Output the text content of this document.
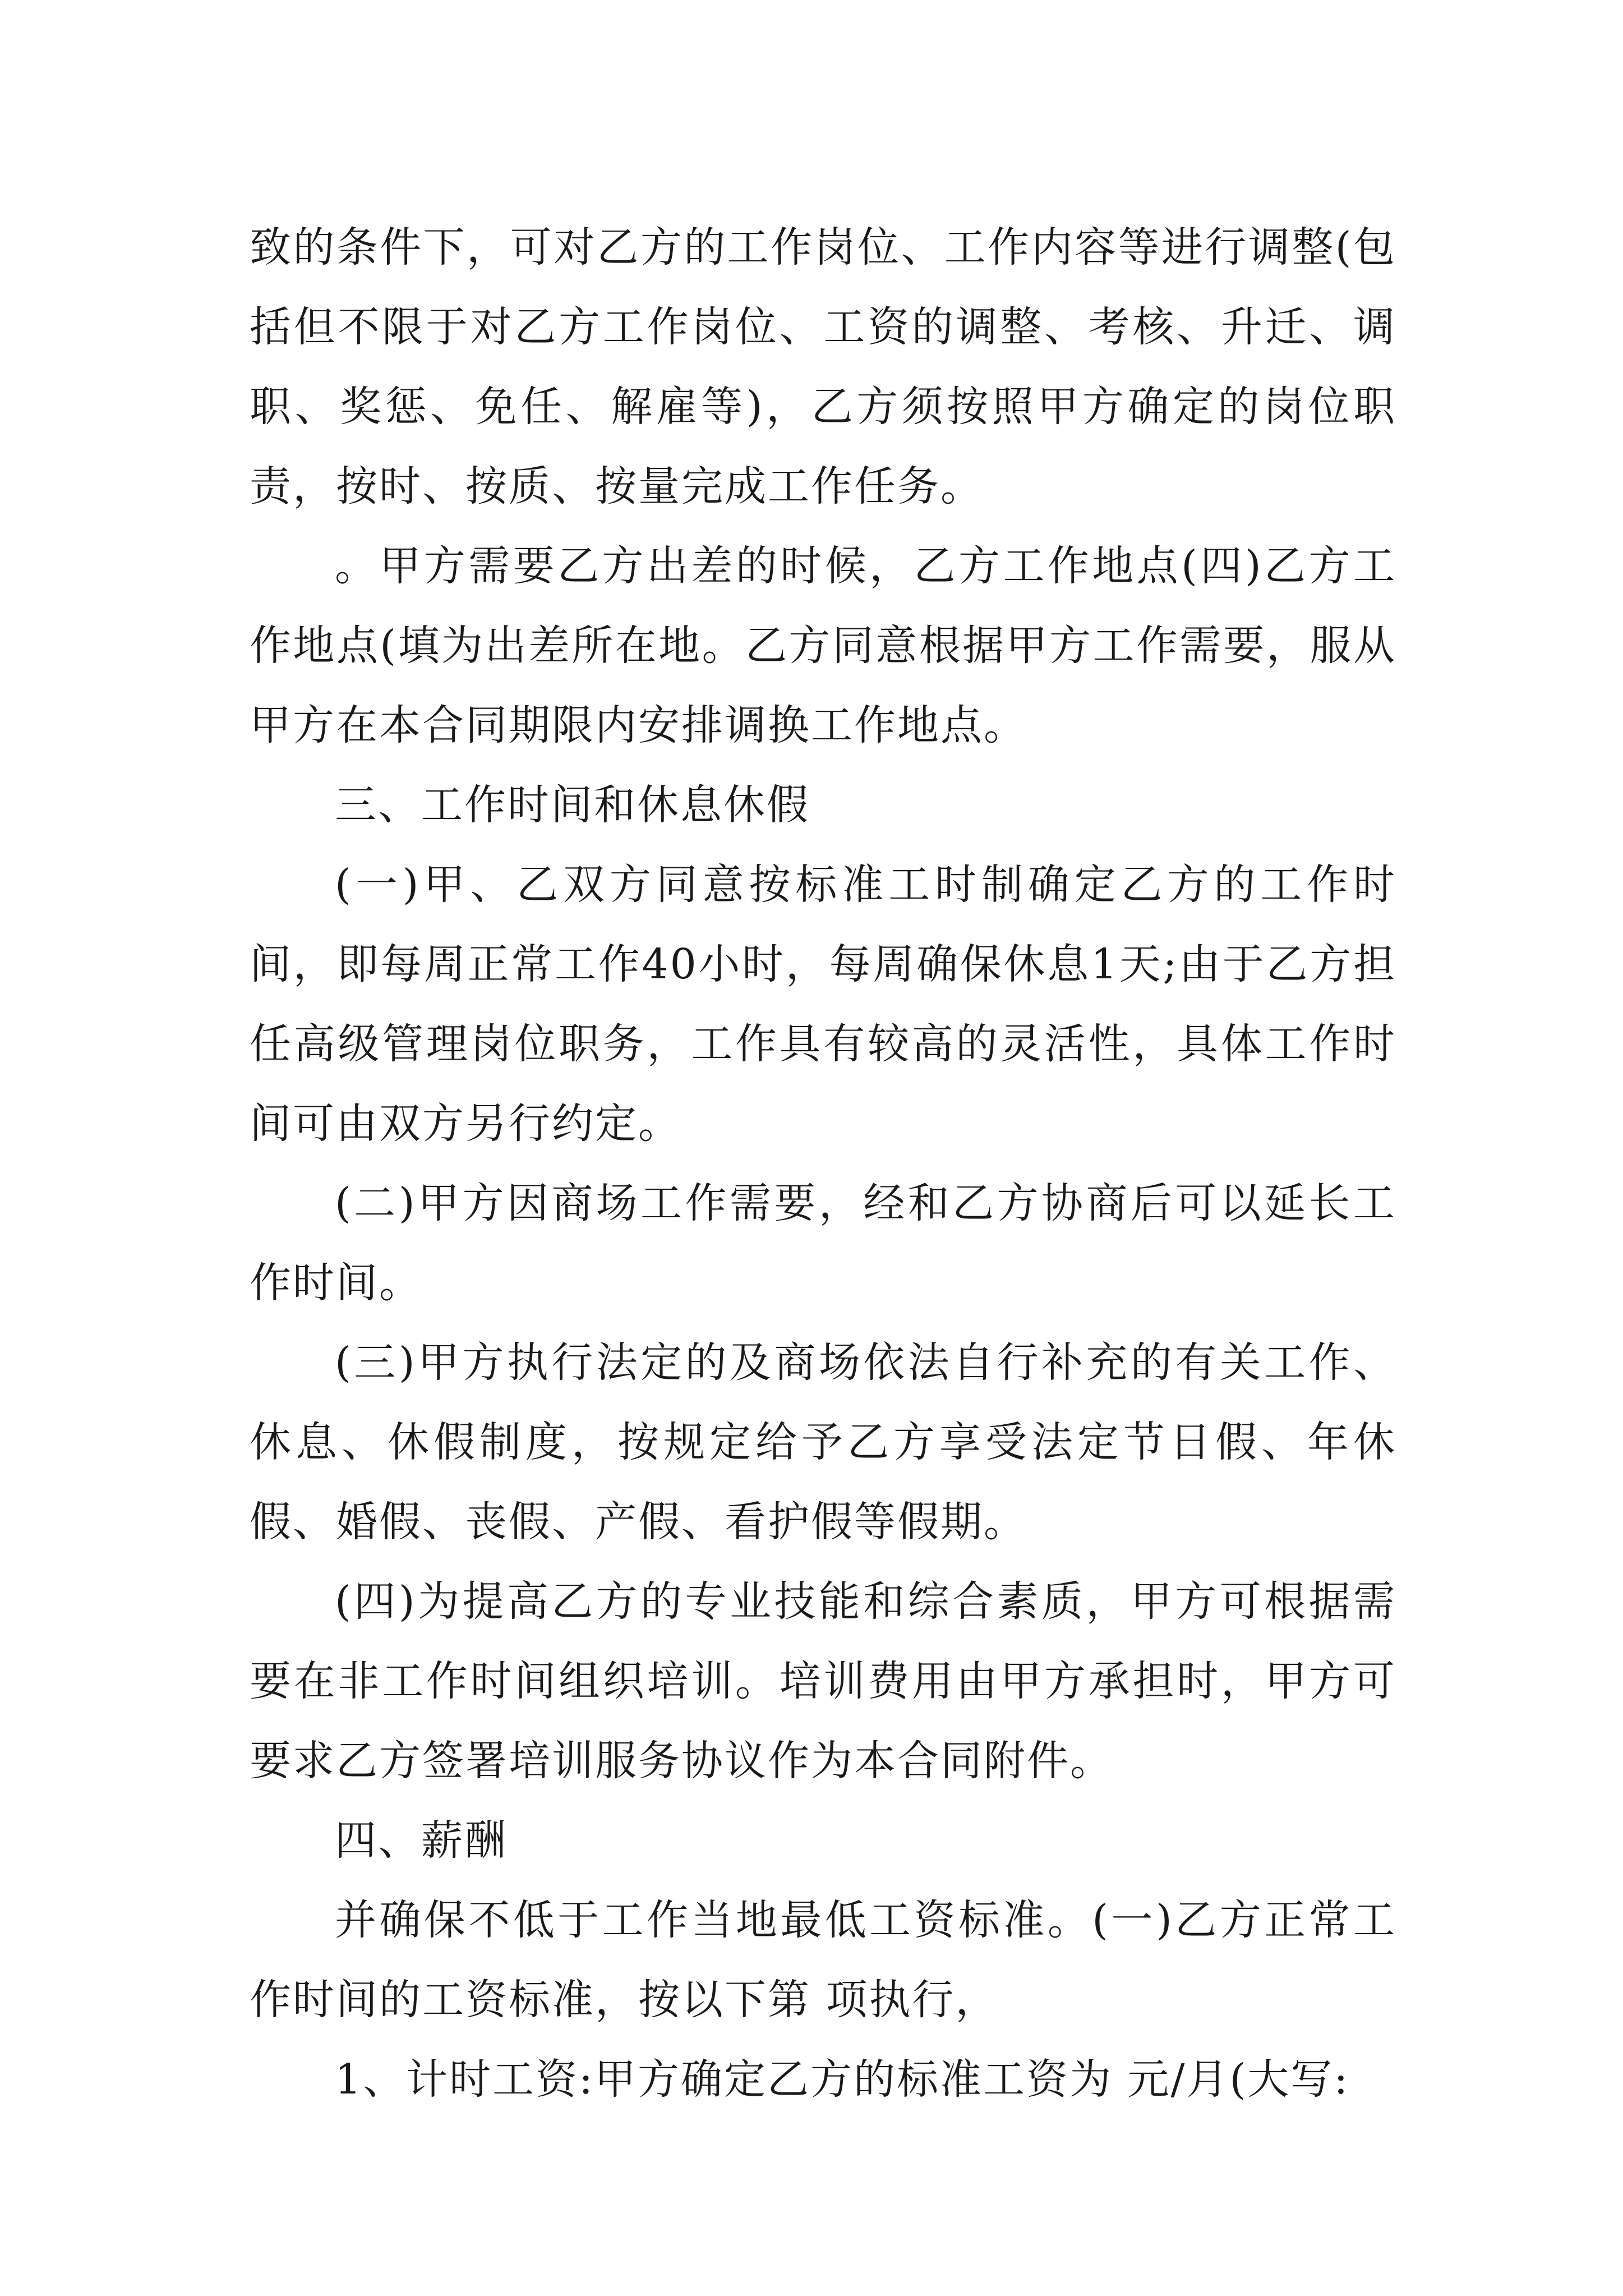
致的条件下，可对乙方的工作岗位、工作内容等进行调整(包括但不限于对乙方工作岗位、工资的调整、考核、升迁、调职、奖惩、免任、解雇等)，乙方须按照甲方确定的岗位职责，按时、按质、按量完成工作任务。

。甲方需要乙方出差的时候，乙方工作地点(四)乙方工作地点(填为出差所在地。乙方同意根据甲方工作需要，服从甲方在本合同期限内安排调换工作地点。

三、工作时间和休息休假

(一)甲、乙双方同意按标准工时制确定乙方的工作时间，即每周正常工作40小时，每周确保休息1天;由于乙方担任高级管理岗位职务，工作具有较高的灵活性，具体工作时间可由双方另行约定。

(二)甲方因商场工作需要，经和乙方协商后可以延长工作时间。

(三)甲方执行法定的及商场依法自行补充的有关工作、休息、休假制度，按规定给予乙方享受法定节日假、年休假、婚假、丧假、产假、看护假等假期。

(四)为提高乙方的专业技能和综合素质，甲方可根据需要在非工作时间组织培训。培训费用由甲方承担时，甲方可要求乙方签署培训服务协议作为本合同附件。

四、薪酬

并确保不低于工作当地最低工资标准。(一)乙方正常工作时间的工资标准，按以下第 项执行，

1、计时工资:甲方确定乙方的标准工资为 元/月(大写:
